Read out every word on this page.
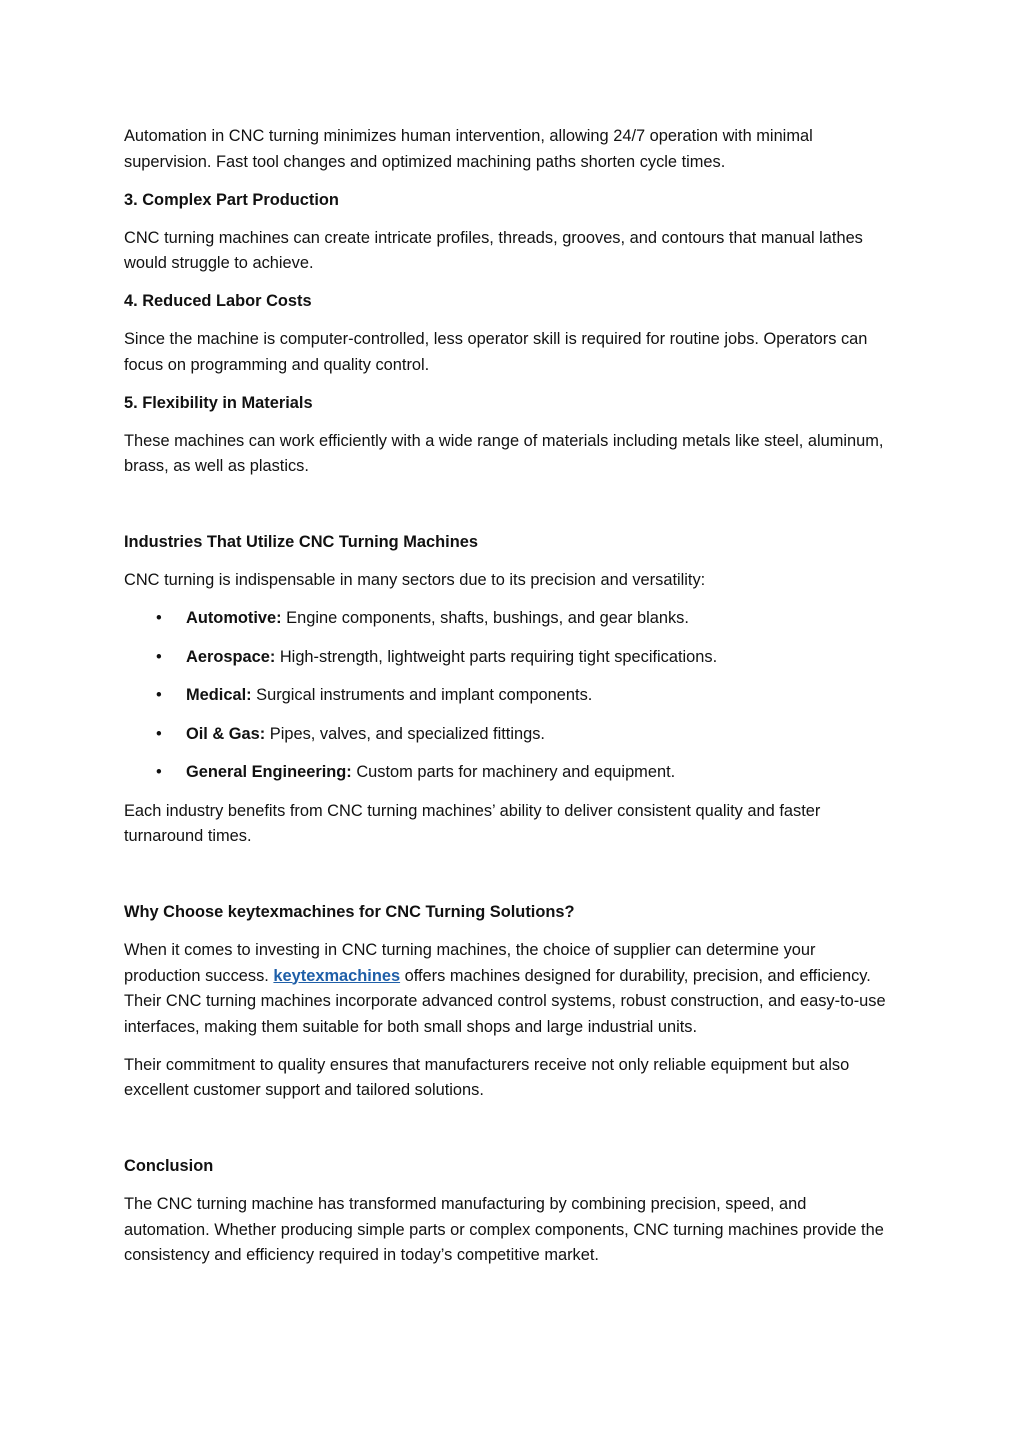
Automation in CNC turning minimizes human intervention, allowing 24/7 operation with minimal supervision. Fast tool changes and optimized machining paths shorten cycle times.

3. Complex Part Production

CNC turning machines can create intricate profiles, threads, grooves, and contours that manual lathes would struggle to achieve.

4. Reduced Labor Costs

Since the machine is computer-controlled, less operator skill is required for routine jobs. Operators can focus on programming and quality control.

5. Flexibility in Materials

These machines can work efficiently with a wide range of materials including metals like steel, aluminum, brass, as well as plastics.

Industries That Utilize CNC Turning Machines

CNC turning is indispensable in many sectors due to its precision and versatility:

• Automotive: Engine components, shafts, bushings, and gear blanks.
• Aerospace: High-strength, lightweight parts requiring tight specifications.
• Medical: Surgical instruments and implant components.
• Oil & Gas: Pipes, valves, and specialized fittings.
• General Engineering: Custom parts for machinery and equipment.

Each industry benefits from CNC turning machines’ ability to deliver consistent quality and faster turnaround times.

Why Choose keytexmachines for CNC Turning Solutions?

When it comes to investing in CNC turning machines, the choice of supplier can determine your production success. keytexmachines offers machines designed for durability, precision, and efficiency. Their CNC turning machines incorporate advanced control systems, robust construction, and easy-to-use interfaces, making them suitable for both small shops and large industrial units.

Their commitment to quality ensures that manufacturers receive not only reliable equipment but also excellent customer support and tailored solutions.

Conclusion

The CNC turning machine has transformed manufacturing by combining precision, speed, and automation. Whether producing simple parts or complex components, CNC turning machines provide the consistency and efficiency required in today’s competitive market.
